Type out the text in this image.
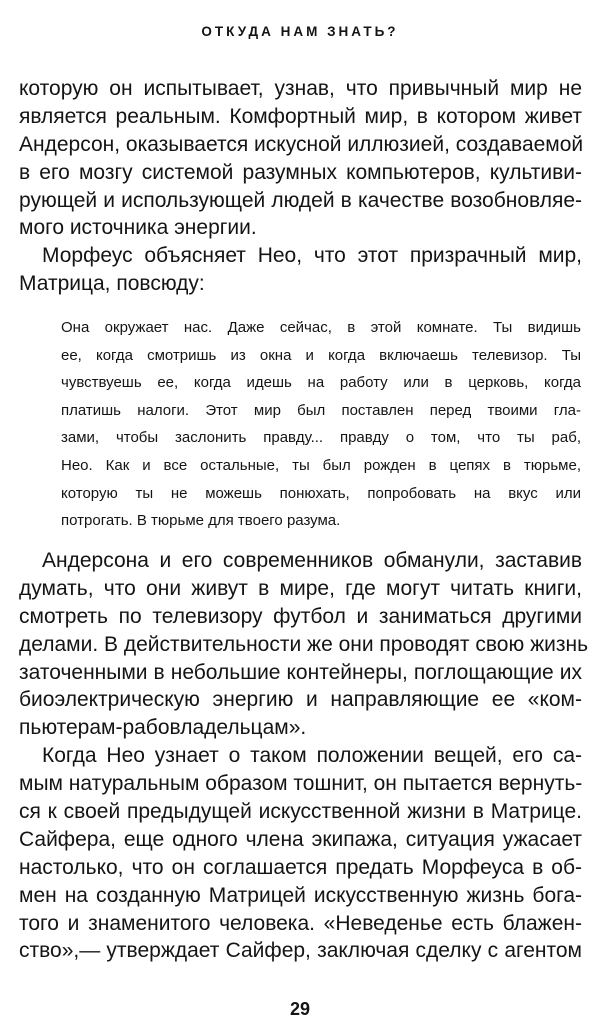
ОТКУДА НАМ ЗНАТЬ?
которую он испытывает, узнав, что привычный мир не
является реальным. Комфортный мир, в котором живет
Андерсон, оказывается искусной иллюзией, создаваемой
в его мозгу системой разумных компьютеров, культиви-
рующей и использующей людей в качестве возобновляе-
мого источника энергии.
Морфеус объясняет Нео, что этот призрачный мир,
Матрица, повсюду:
Она окружает нас. Даже сейчас, в этой комнате. Ты видишь
ее, когда смотришь из окна и когда включаешь телевизор. Ты
чувствуешь ее, когда идешь на работу или в церковь, когда
платишь налоги. Этот мир был поставлен перед твоими гла-
зами, чтобы заслонить правду... правду о том, что ты раб,
Нео. Как и все остальные, ты был рожден в цепях в тюрьме,
которую ты не можешь понюхать, попробовать на вкус или
потрогать. В тюрьме для твоего разума.
Андерсона и его современников обманули, заставив
думать, что они живут в мире, где могут читать книги,
смотреть по телевизору футбол и заниматься другими
делами. В действительности же они проводят свою жизнь
заточенными в небольшие контейнеры, поглощающие их
биоэлектрическую энергию и направляющие ее «ком-
пьютерам-рабовладельцам».
Когда Нео узнает о таком положении вещей, его са-
мым натуральным образом тошнит, он пытается вернуть-
ся к своей предыдущей искусственной жизни в Матрице.
Сайфера, еще одного члена экипажа, ситуация ужасает
настолько, что он соглашается предать Морфеуса в об-
мен на созданную Матрицей искусственную жизнь бога-
того и знаменитого человека. «Неведенье есть блажен-
ство»,— утверждает Сайфер, заключая сделку с агентом
29
